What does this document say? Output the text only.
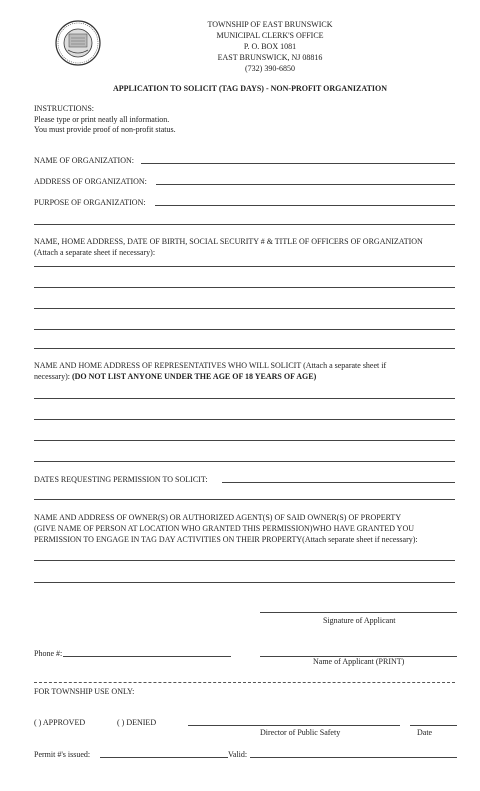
TOWNSHIP OF EAST BRUNSWICK
MUNICIPAL CLERK'S OFFICE
P. O. BOX 1081
EAST BRUNSWICK, NJ 08816
(732) 390-6850
APPLICATION TO SOLICIT (TAG DAYS) - NON-PROFIT ORGANIZATION
INSTRUCTIONS:
Please type or print neatly all information.
You must provide proof of non-profit status.
NAME OF ORGANIZATION:
ADDRESS OF ORGANIZATION:
PURPOSE OF ORGANIZATION:
NAME, HOME ADDRESS, DATE OF BIRTH, SOCIAL SECURITY # & TITLE OF OFFICERS OF ORGANIZATION
(Attach a separate sheet if necessary):
NAME AND HOME ADDRESS OF REPRESENTATIVES WHO WILL SOLICIT (Attach a separate sheet if
necessary): (DO NOT LIST ANYONE UNDER THE AGE OF 18 YEARS OF AGE)
DATES REQUESTING PERMISSION TO SOLICIT:
NAME AND ADDRESS OF OWNER(S) OR AUTHORIZED AGENT(S) OF SAID OWNER(S) OF PROPERTY
(GIVE NAME OF PERSON AT LOCATION WHO GRANTED THIS PERMISSION)WHO HAVE GRANTED YOU
PERMISSION TO ENGAGE IN TAG DAY ACTIVITIES ON THEIR PROPERTY(Attach separate sheet if necessary):
Signature of Applicant
Phone #:
Name of Applicant (PRINT)
FOR TOWNSHIP USE ONLY:
( ) APPROVED	( ) DENIED
Director of Public Safety	Date
Permit #'s issued:	Valid:
